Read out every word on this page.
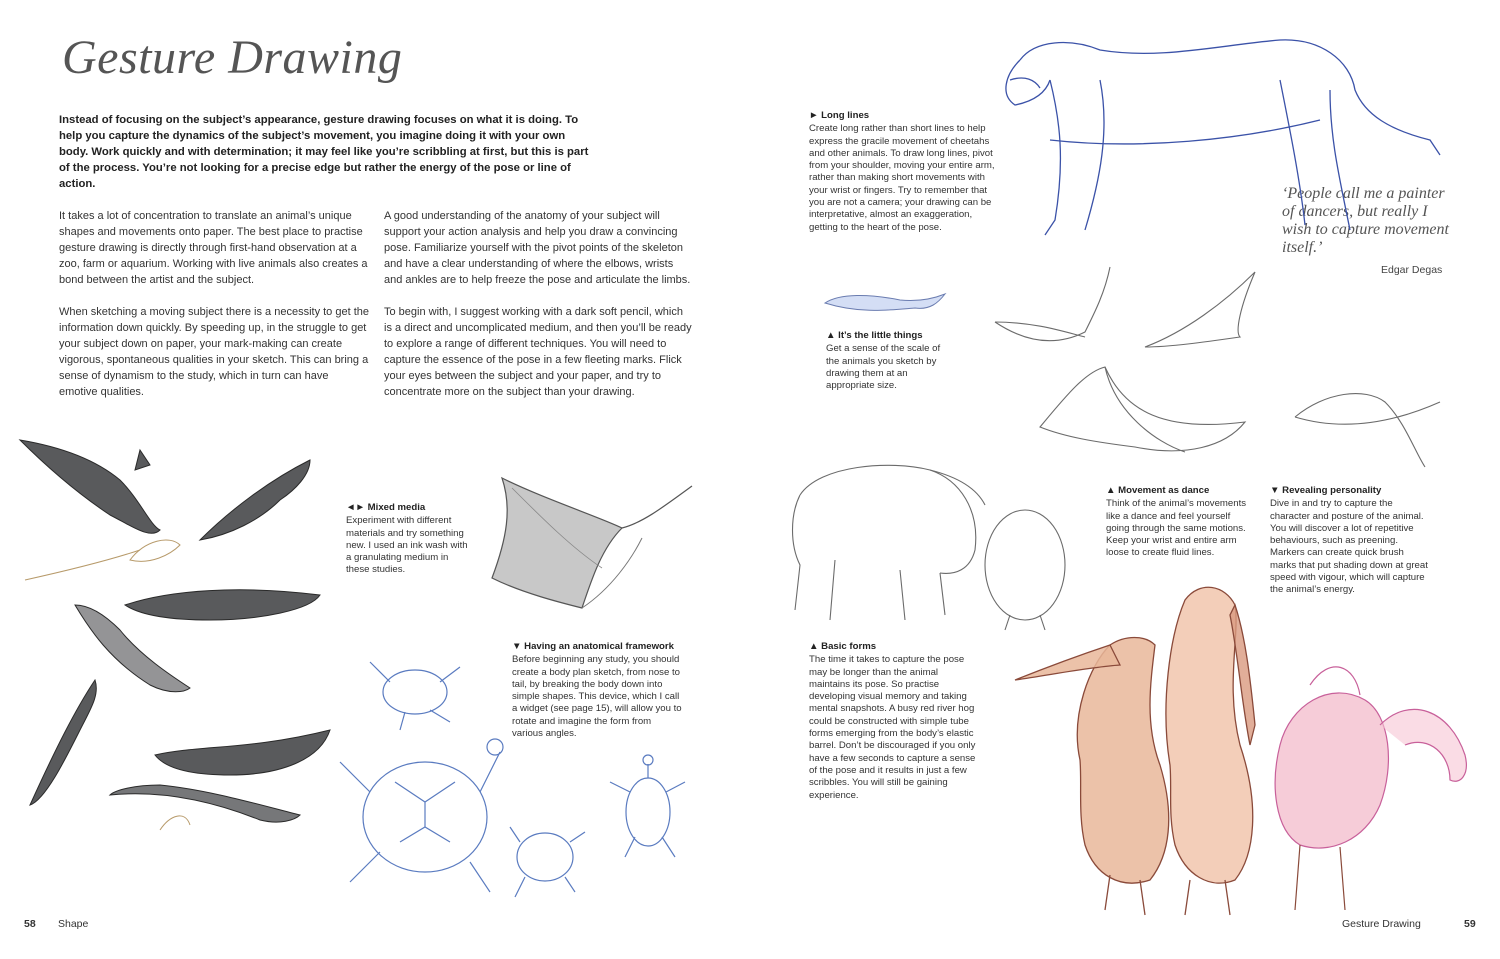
Gesture Drawing
Instead of focusing on the subject’s appearance, gesture drawing focuses on what it is doing. To help you capture the dynamics of the subject’s movement, you imagine doing it with your own body. Work quickly and with determination; it may feel like you’re scribbling at first, but this is part of the process. You’re not looking for a precise edge but rather the energy of the pose or line of action.

It takes a lot of concentration to translate an animal’s unique shapes and movements onto paper. The best place to practise gesture drawing is directly through first-hand observation at a zoo, farm or aquarium. Working with live animals also creates a bond between the artist and the subject.

When sketching a moving subject there is a necessity to get the information down quickly. By speeding up, in the struggle to get your subject down on paper, your mark-making can create vigorous, spontaneous qualities in your sketch. This can bring a sense of dynamism to the study, which in turn can have emotive qualities.

A good understanding of the anatomy of your subject will support your action analysis and help you draw a convincing pose. Familiarize yourself with the pivot points of the skeleton and have a clear understanding of where the elbows, wrists and ankles are to help freeze the pose and articulate the limbs.

To begin with, I suggest working with a dark soft pencil, which is a direct and uncomplicated medium, and then you’ll be ready to explore a range of different techniques. You will need to capture the essence of the pose in a few fleeting marks. Flick your eyes between the subject and your paper, and try to concentrate more on the subject than your drawing.

◄► Mixed media
Experiment with different materials and try something new. I used an ink wash with a granulating medium in these studies.
▼ Having an anatomical framework
Before beginning any study, you should create a body plan sketch, from nose to tail, by breaking the body down into simple shapes. This device, which I call a widget (see page 15), will allow you to rotate and imagine the form from various angles.
► Long lines
Create long rather than short lines to help express the gracile movement of cheetahs and other animals. To draw long lines, pivot from your shoulder, moving your entire arm, rather than making short movements with your wrist or fingers. Try to remember that you are not a camera; your drawing can be interpretative, almost an exaggeration, getting to the heart of the pose.
▲ It’s the little things
Get a sense of the scale of the animals you sketch by drawing them at an appropriate size.
▲ Movement as dance
Think of the animal’s movements like a dance and feel yourself going through the same motions. Keep your wrist and entire arm loose to create fluid lines.
▼ Revealing personality
Dive in and try to capture the character and posture of the animal. You will discover a lot of repetitive behaviours, such as preening. Markers can create quick brush marks that put shading down at great speed with vigour, which will capture the animal’s energy.
▲ Basic forms
The time it takes to capture the pose may be longer than the animal maintains its pose. So practise developing visual memory and taking mental snapshots. A busy red river hog could be constructed with simple tube forms emerging from the body’s elastic barrel. Don’t be discouraged if you only have a few seconds to capture a sense of the pose and it results in just a few scribbles. You will still be gaining experience.
‘People call me a painter of dancers, but really I wish to capture movement itself.’
Edgar Degas
58 Shape	Gesture Drawing	59
